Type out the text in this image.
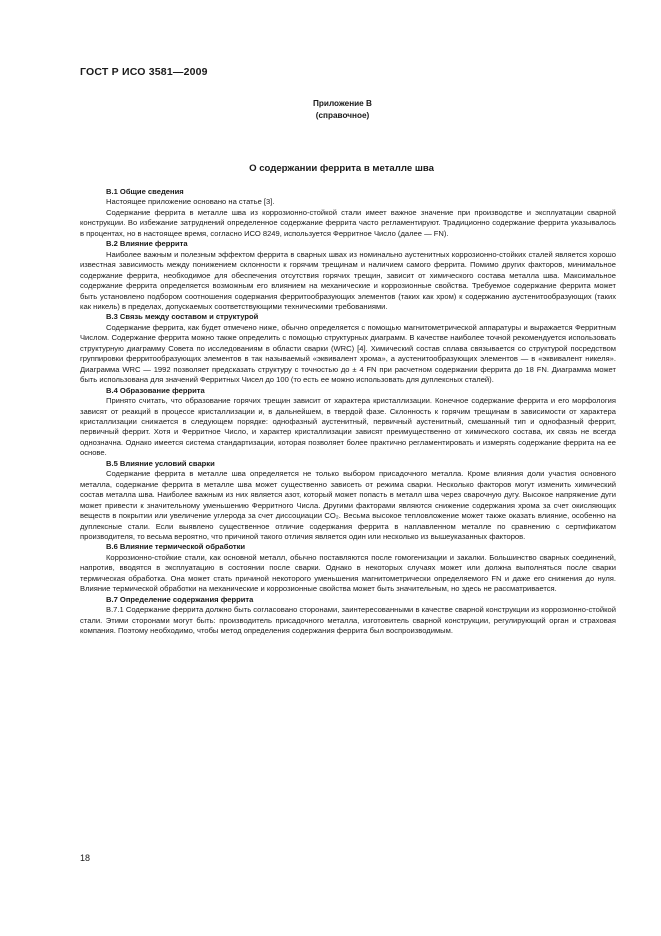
ГОСТ Р ИСО 3581—2009
Приложение В
(справочное)
О содержании феррита в металле шва
B.1 Общие сведения

Настоящее приложение основано на статье [3].

Содержание феррита в металле шва из коррозионно-стойкой стали имеет важное значение при производстве и эксплуатации сварной конструкции. Во избежание затруднений определенное содержание феррита часто регламентируют. Традиционно содержание феррита указывалось в процентах, но в настоящее время, согласно ИСО 8249, используется Ферритное Число (далее — FN).

B.2 Влияние феррита

Наиболее важным и полезным эффектом феррита в сварных швах из номинально аустенитных коррозионно-стойких сталей является хорошо известная зависимость между понижением склонности к горячим трещинам и наличием самого феррита. Помимо других факторов, минимальное содержание феррита, необходимое для обеспечения отсутствия горячих трещин, зависит от химического состава металла шва. Максимальное содержание феррита определяется возможным его влиянием на механические и коррозионные свойства. Требуемое содержание феррита может быть установлено подбором соотношения содержания ферритообразующих элементов (таких как хром) к содержанию аустенитообразующих (таких как никель) в пределах, допускаемых соответствующими техническими требованиями.

B.3 Связь между составом и структурой

Содержание феррита, как будет отмечено ниже, обычно определяется с помощью магнитометрической аппаратуры и выражается Ферритным Числом. Содержание феррита можно также определить с помощью структурных диаграмм. В качестве наиболее точной рекомендуется использовать структурную диаграмму Совета по исследованиям в области сварки (WRC) [4]. Химический состав сплава связывается со структурой посредством группировки ферритообразующих элементов в так называемый «эквивалент хрома», а аустенитообразующих элементов — в «эквивалент никеля». Диаграмма WRC — 1992 позволяет предсказать структуру с точностью до ± 4 FN при расчетном содержании феррита до 18 FN. Диаграмма может быть использована для значений Ферритных Чисел до 100 (то есть ее можно использовать для дуплексных сталей).

B.4 Образование феррита

Принято считать, что образование горячих трещин зависит от характера кристаллизации. Конечное содержание феррита и его морфология зависят от реакций в процессе кристаллизации и, в дальнейшем, в твердой фазе. Склонность к горячим трещинам в зависимости от характера кристаллизации снижается в следующем порядке: однофазный аустенитный, первичный аустенитный, смешанный тип и однофазный феррит, первичный феррит. Хотя и Ферритное Число, и характер кристаллизации зависят преимущественно от химического состава, их связь не всегда однозначна. Однако имеется система стандартизации, которая позволяет более практично регламентировать и измерять содержание феррита на ее основе.

B.5 Влияние условий сварки

Содержание феррита в металле шва определяется не только выбором присадочного металла. Кроме влияния доли участия основного металла, содержание феррита в металле шва может существенно зависеть от режима сварки. Несколько факторов могут изменить химический состав металла шва. Наиболее важным из них является азот, который может попасть в металл шва через сварочную дугу. Высокое напряжение дуги может привести к значительному уменьшению Ферритного Числа. Другими факторами являются снижение содержания хрома за счет окисляющих веществ в покрытии или увеличение углерода за счет диссоциации CO₂. Весьма высокое тепловложение может также оказать влияние, особенно на дуплексные стали. Если выявлено существенное отличие содержания феррита в наплавленном металле по сравнению с сертификатом производителя, то весьма вероятно, что причиной такого отличия является один или несколько из вышеуказанных факторов.

B.6 Влияние термической обработки

Коррозионно-стойкие стали, как основной металл, обычно поставляются после гомогенизации и закалки. Большинство сварных соединений, напротив, вводятся в эксплуатацию в состоянии после сварки. Однако в некоторых случаях может или должна выполняться после сварки термическая обработка. Она может стать причиной некоторого уменьшения магнитометрически определяемого FN и даже его снижения до нуля. Влияние термической обработки на механические и коррозионные свойства может быть значительным, но здесь не рассматривается.

B.7 Определение содержания феррита

B.7.1 Содержание феррита должно быть согласовано сторонами, заинтересованными в качестве сварной конструкции из коррозионно-стойкой стали. Этими сторонами могут быть: производитель присадочного металла, изготовитель сварной конструкции, регулирующий орган и страховая компания. Поэтому необходимо, чтобы метод определения содержания феррита был воспроизводимым.

18
